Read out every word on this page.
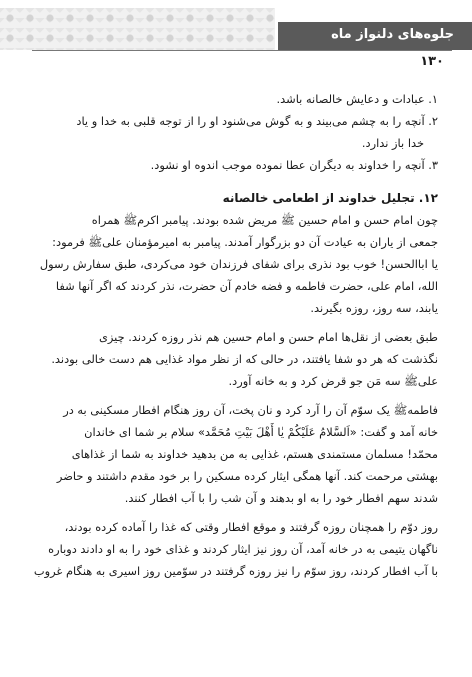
جلوه‌های دلنواز ماه
۱۳۰
۱. عبادات و دعایش خالصانه باشد.
۲. آنچه را به چشم می‌بیند و به گوش می‌شنود او را از توجه قلبی به خدا و یاد
خدا باز ندارد.
۳. آنچه را خداوند به دیگران عطا نموده موجب اندوه او نشود.
۱۲. تجلیل خداوند از اطعامی خالصانه
چون امام حسن و امام حسین ﷺ مریض شده بودند. پیامبر اکرمﷺ همراه
جمعی از یاران به عیادت آن دو بزرگوار آمدند. پیامبر به امیرمؤمنان علیﷺ فرمود:
یا اباالحسن! خوب بود نذری برای شفای فرزندان خود می‌کردی، طبق سفارش رسول
الله، امام علی، حضرت فاطمه و فضه خادم آن حضرت، نذر کردند که اگر آنها شفا
یابند، سه روز، روزه بگیرند.
طبق بعضی از نقل‌ها امام حسن و امام حسین هم نذر روزه کردند. چیزی
نگذشت که هر دو شفا یافتند، در حالی که از نظر مواد غذایی هم دست خالی بودند.
علیﷺ سه مَن جو قرض کرد و به خانه آورد.
فاطمهﷺ یک سوّم آن را آرد کرد و نان پخت، آن روز هنگام افطار مسکینی به در
خانه آمد و گفت: «اَلسَّلامُ عَلَیْکُمْ یٰا أَهْلَ بَیْتِ مُحَمَّد» سلام بر شما ای خاندان
محمّد! مسلمان مستمندی هستم، غذایی به من بدهید خداوند به شما از غذاهای
بهشتی مرحمت کند. آنها همگی ایثار کرده مسکین را بر خود مقدم داشتند و حاضر
شدند سهم افطار خود را به او بدهند و آن شب را با آب افطار کنند.
روز دوّم را همچنان روزه گرفتند و موقع افطار وقتی که غذا را آماده کرده بودند،
ناگهان یتیمی به در خانه آمد، آن روز نیز ایثار کردند و غذای خود را به او دادند دوباره
با آب افطار کردند، روز سوّم را نیز روزه گرفتند در سوّمین روز اسیری به هنگام غروب
